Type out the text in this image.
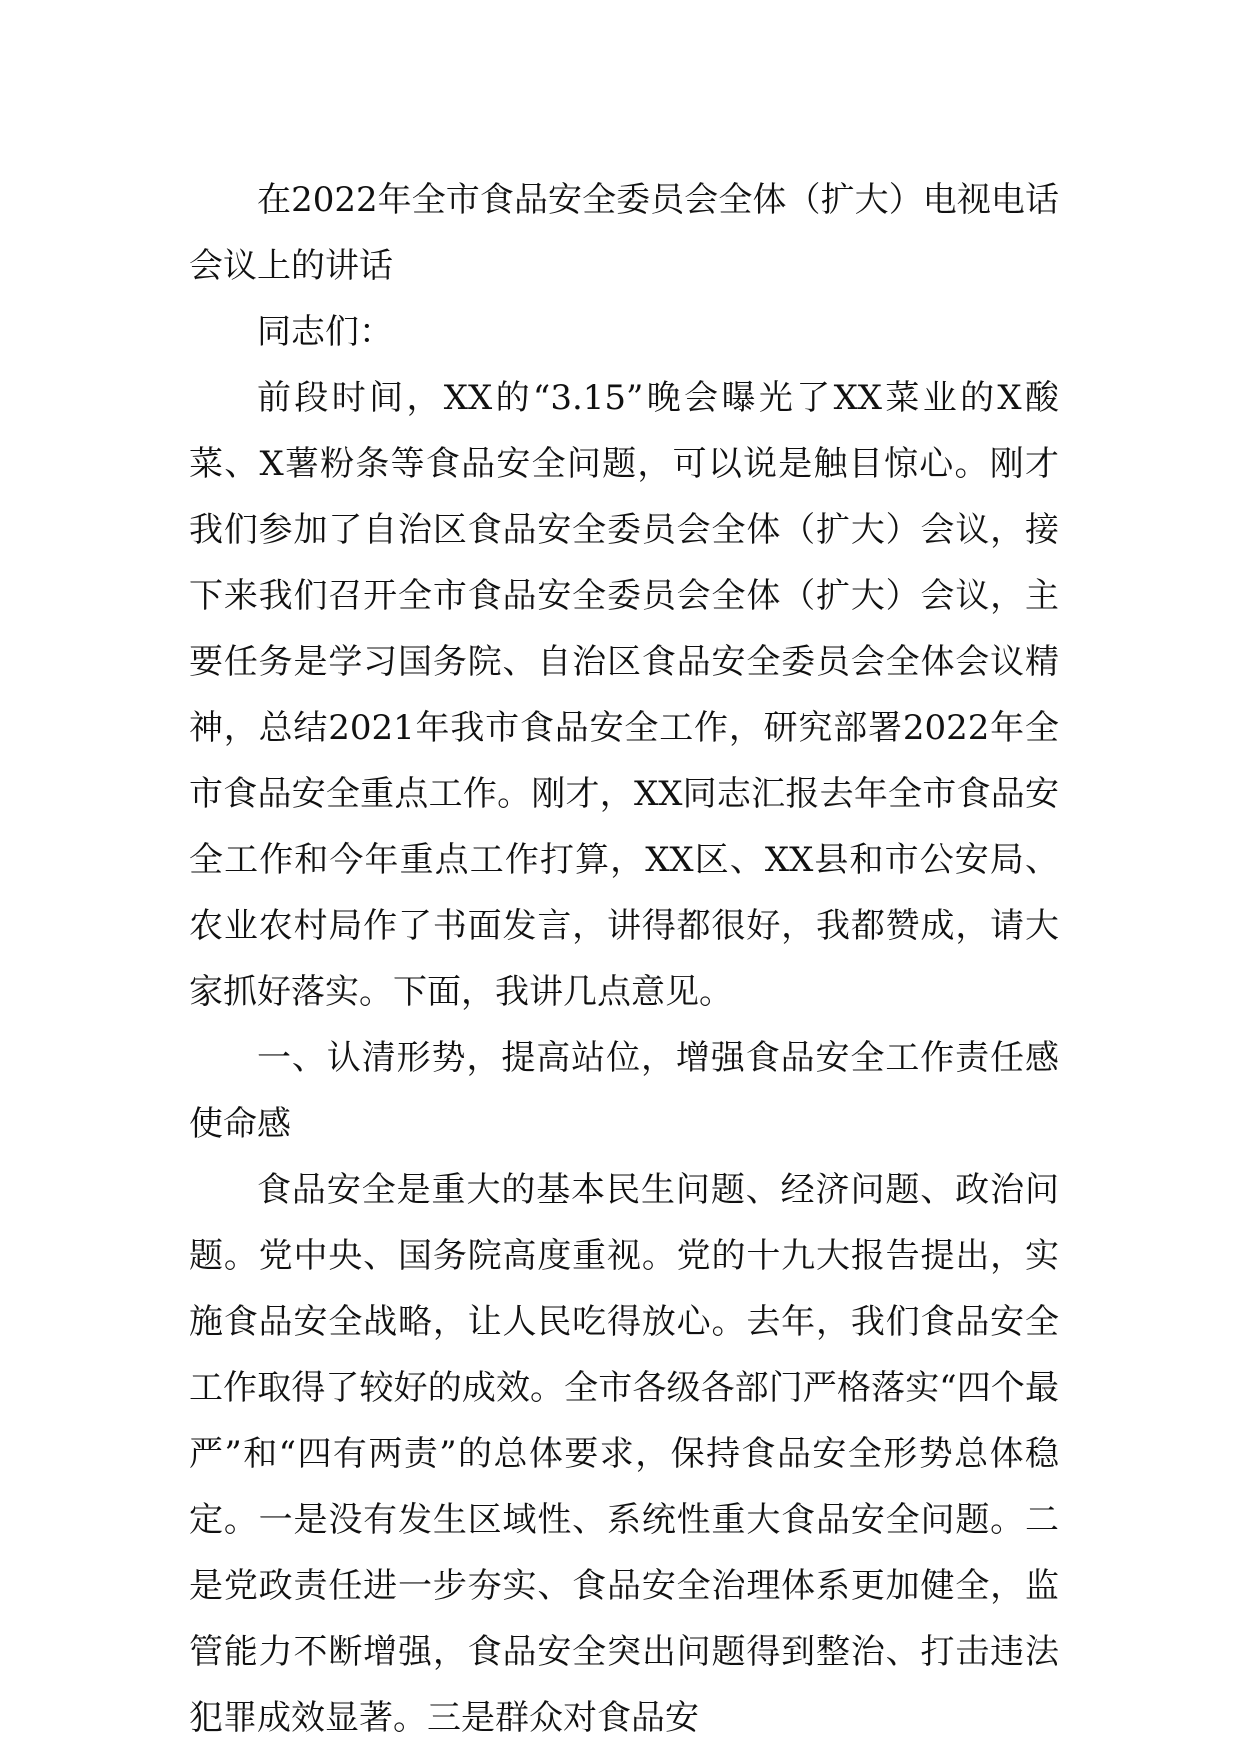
在2022年全市食品安全委员会全体（扩大）电视电话会议上的讲话

同志们：

前段时间，XX的“3.15”晚会曝光了XX菜业的X酸菜、X薯粉条等食品安全问题，可以说是触目惊心。刚才我们参加了自治区食品安全委员会全体（扩大）会议，接下来我们召开全市食品安全委员会全体（扩大）会议，主要任务是学习国务院、自治区食品安全委员会全体会议精神，总结2021年我市食品安全工作，研究部署2022年全市食品安全重点工作。刚才，XX同志汇报去年全市食品安全工作和今年重点工作打算，XX区、XX县和市公安局、农业农村局作了书面发言，讲得都很好，我都赞成，请大家抓好落实。下面，我讲几点意见。

一、认清形势，提高站位，增强食品安全工作责任感使命感

食品安全是重大的基本民生问题、经济问题、政治问题。党中央、国务院高度重视。党的十九大报告提出，实施食品安全战略，让人民吃得放心。去年，我们食品安全工作取得了较好的成效。全市各级各部门严格落实“四个最严”和“四有两责”的总体要求，保持食品安全形势总体稳定。一是没有发生区域性、系统性重大食品安全问题。二是党政责任进一步夯实、食品安全治理体系更加健全，监管能力不断增强，食品安全突出问题得到整治、打击违法犯罪成效显著。三是群众对食品安
